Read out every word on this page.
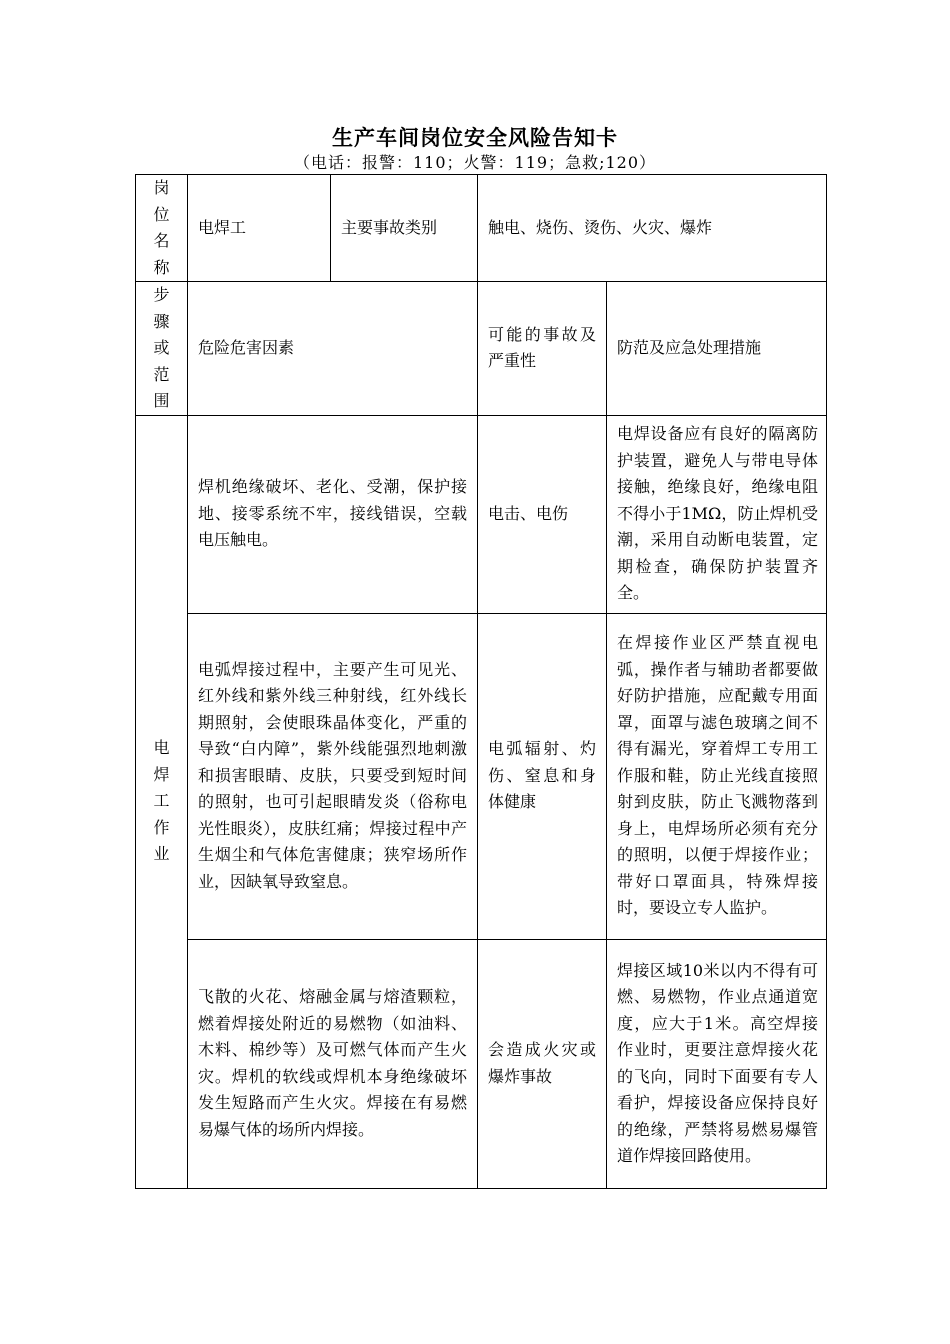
生产车间岗位安全风险告知卡
（电话：报警：110；火警：119；急救;120）
岗位名称	电焊工	主要事故类别	触电、烧伤、烫伤、火灾、爆炸	
步骤或范围	危险危害因素		可能的事故及严重性	防范及应急处理措施
电焊工作业	焊机绝缘破坏、老化、受潮，保护接地、接零系统不牢，接线错误，空载电压触电。		电击、电伤	电焊设备应有良好的隔离防护装置，避免人与带电导体接触，绝缘良好，绝缘电阻不得小于1MΩ，防止焊机受潮，采用自动断电装置，定期检查，确保防护装置齐全。
	电弧焊接过程中，主要产生可见光、红外线和紫外线三种射线，红外线长期照射，会使眼珠晶体变化，严重的导致“白内障”，紫外线能强烈地刺激和损害眼睛、皮肤，只要受到短时间的照射，也可引起眼睛发炎（俗称电光性眼炎），皮肤红痛；焊接过程中产生烟尘和气体危害健康；狭窄场所作业，因缺氧导致窒息。		电弧辐射、灼伤、窒息和身体健康	在焊接作业区严禁直视电弧，操作者与辅助者都要做好防护措施，应配戴专用面罩，面罩与滤色玻璃之间不得有漏光，穿着焊工专用工作服和鞋，防止光线直接照射到皮肤，防止飞溅物落到身上，电焊场所必须有充分的照明，以便于焊接作业；带好口罩面具，特殊焊接时，要设立专人监护。
	飞散的火花、熔融金属与熔渣颗粒，燃着焊接处附近的易燃物（如油料、木料、棉纱等）及可燃气体而产生火灾。焊机的软线或焊机本身绝缘破坏发生短路而产生火灾。焊接在有易燃易爆气体的场所内焊接。		会造成火灾或爆炸事故	焊接区域10米以内不得有可燃、易燃物，作业点通道宽度，应大于1米。高空焊接作业时，更要注意焊接火花的飞向，同时下面要有专人看护，焊接设备应保持良好的绝缘，严禁将易燃易爆管道作焊接回路使用。
